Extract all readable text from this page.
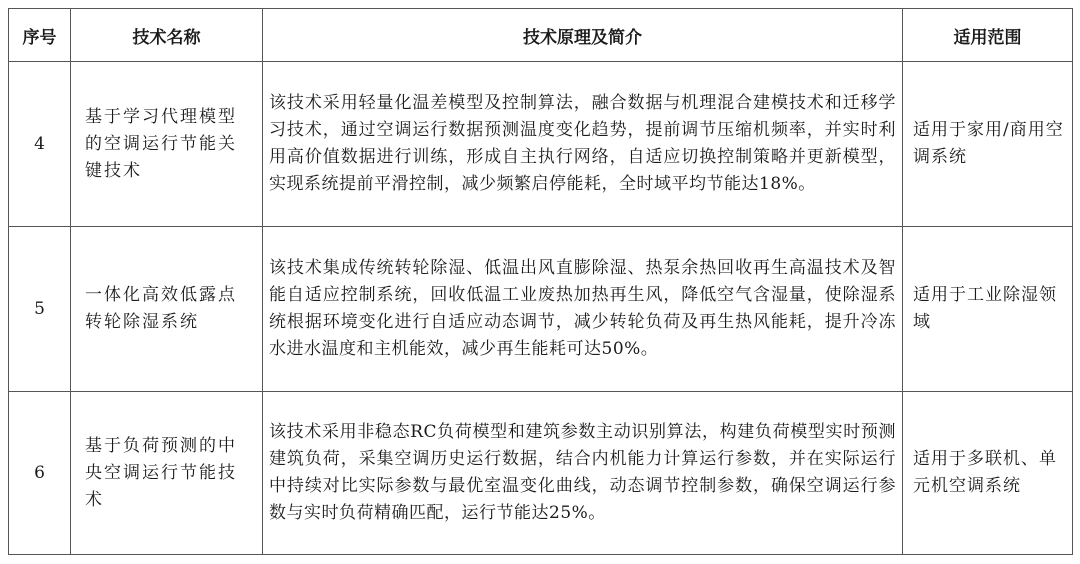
序号	技术名称	技术原理及简介	适用范围
4	基于学习代理模型的空调运行节能关键技术	该技术采用轻量化温差模型及控制算法，融合数据与机理混合建模技术和迁移学习技术，通过空调运行数据预测温度变化趋势，提前调节压缩机频率，并实时利用高价值数据进行训练，形成自主执行网络，自适应切换控制策略并更新模型，实现系统提前平滑控制，减少频繁启停能耗，全时域平均节能达18%。	适用于家用/商用空调系统
5	一体化高效低露点转轮除湿系统	该技术集成传统转轮除湿、低温出风直膨除湿、热泵余热回收再生高温技术及智能自适应控制系统，回收低温工业废热加热再生风，降低空气含湿量，使除湿系统根据环境变化进行自适应动态调节，减少转轮负荷及再生热风能耗，提升冷冻水进水温度和主机能效，减少再生能耗可达50%。	适用于工业除湿领域
6	基于负荷预测的中央空调运行节能技术	该技术采用非稳态RC负荷模型和建筑参数主动识别算法，构建负荷模型实时预测建筑负荷，采集空调历史运行数据，结合内机能力计算运行参数，并在实际运行中持续对比实际参数与最优室温变化曲线，动态调节控制参数，确保空调运行参数与实时负荷精确匹配，运行节能达25%。	适用于多联机、单元机空调系统
